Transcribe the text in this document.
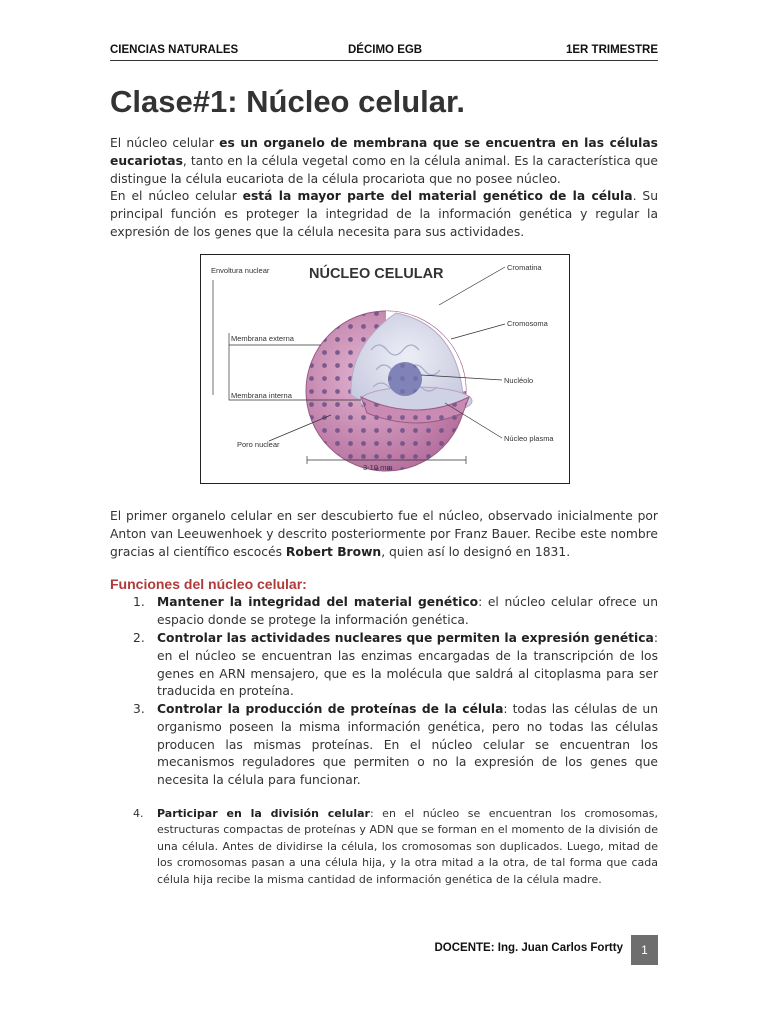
CIENCIAS NATURALES	DÉCIMO EGB	1ER TRIMESTRE
Clase#1: Núcleo celular.

El núcleo celular es un organelo de membrana que se encuentra en las células eucariotas, tanto en la célula vegetal como en la célula animal. Es la característica que distingue la célula eucariota de la célula procariota que no posee núcleo.

En el núcleo celular está la mayor parte del material genético de la célula. Su principal función es proteger la integridad de la información genética y regular la expresión de los genes que la célula necesita para sus actividades.

NÚCLEO CELULAR
Envoltura nuclear
Membrana externa
Membrana interna
Poro nuclear
Cromatina
Cromosoma
Nucléolo
Núcleo plasma
3-10 mm

El primer organelo celular en ser descubierto fue el núcleo, observado inicialmente por Anton van Leeuwenhoek y descrito posteriormente por Franz Bauer. Recibe este nombre gracias al científico escocés Robert Brown, quien así lo designó en 1831.

Funciones del núcleo celular:
1. Mantener la integridad del material genético: el núcleo celular ofrece un espacio donde se protege la información genética.

2. Controlar las actividades nucleares que permiten la expresión genética: en el núcleo se encuentran las enzimas encargadas de la transcripción de los genes en ARN mensajero, que es la molécula que saldrá al citoplasma para ser traducida en proteína.

3. Controlar la producción de proteínas de la célula: todas las células de un organismo poseen la misma información genética, pero no todas las células producen las mismas proteínas. En el núcleo celular se encuentran los mecanismos reguladores que permiten o no la expresión de los genes que necesita la célula para funcionar.

4. Participar en la división celular: en el núcleo se encuentran los cromosomas, estructuras compactas de proteínas y ADN que se forman en el momento de la división de una célula. Antes de dividirse la célula, los cromosomas son duplicados. Luego, mitad de los cromosomas pasan a una célula hija, y la otra mitad a la otra, de tal forma que cada célula hija recibe la misma cantidad de información genética de la célula madre.

DOCENTE: Ing. Juan Carlos Fortty	1
